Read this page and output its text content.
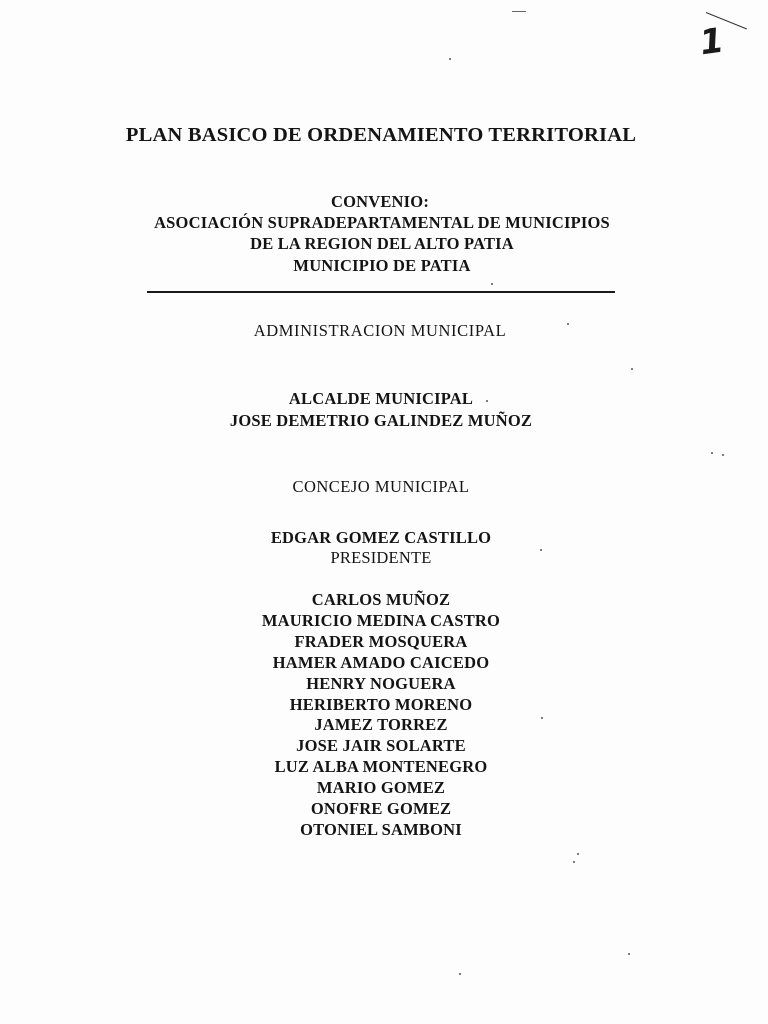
1
PLAN BASICO DE ORDENAMIENTO TERRITORIAL
CONVENIO:
ASOCIACIÓN SUPRADEPARTAMENTAL DE MUNICIPIOS
DE LA REGION DEL ALTO PATIA
MUNICIPIO DE PATIA
ADMINISTRACION MUNICIPAL
ALCALDE MUNICIPAL
JOSE DEMETRIO GALINDEZ MUÑOZ
CONCEJO MUNICIPAL
EDGAR GOMEZ CASTILLO
PRESIDENTE
CARLOS MUÑOZ
MAURICIO MEDINA CASTRO
FRADER MOSQUERA
HAMER AMADO CAICEDO
HENRY NOGUERA
HERIBERTO MORENO
JAMEZ TORREZ
JOSE JAIR SOLARTE
LUZ ALBA MONTENEGRO
MARIO GOMEZ
ONOFRE GOMEZ
OTONIEL SAMBONI
